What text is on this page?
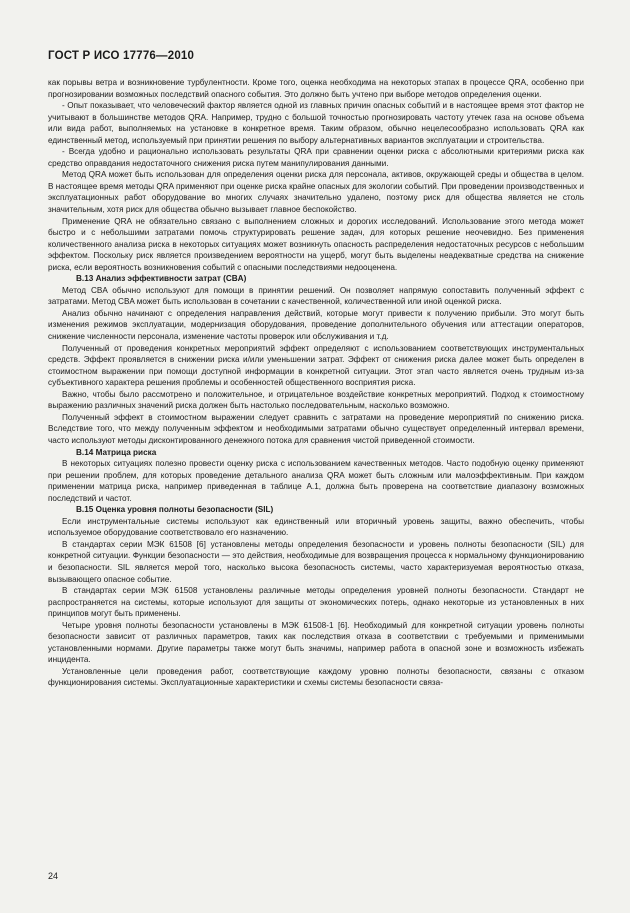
ГОСТ Р ИСО 17776—2010

как порывы ветра и возникновение турбулентности. Кроме того, оценка необходима на некоторых этапах в процессе QRA, особенно при прогнозировании возможных последствий опасного события. Это должно быть учтено при выборе методов определения оценки.

- Опыт показывает, что человеческий фактор является одной из главных причин опасных событий и в настоящее время этот фактор не учитывают в большинстве методов QRA. Например, трудно с большой точностью прогнозировать частоту утечек газа на основе объема или вида работ, выполняемых на установке в конкретное время. Таким образом, обычно нецелесообразно использовать QRA как единственный метод, используемый при принятии решения по выбору альтернативных вариантов эксплуатации и строительства.

- Всегда удобно и рационально использовать результаты QRA при сравнении оценки риска с абсолютными критериями риска как средство оправдания недостаточного снижения риска путем манипулирования данными.

Метод QRA может быть использован для определения оценки риска для персонала, активов, окружающей среды и общества в целом. В настоящее время методы QRA применяют при оценке риска крайне опасных для экологии событий. При проведении производственных и эксплуатационных работ оборудование во многих случаях значительно удалено, поэтому риск для общества является не столь значительным, хотя риск для общества обычно вызывает главное беспокойство.

Применение QRA не обязательно связано с выполнением сложных и дорогих исследований. Использование этого метода может быстро и с небольшими затратами помочь структурировать решение задач, для которых решение неочевидно. Без применения количественного анализа риска в некоторых ситуациях может возникнуть опасность распределения недостаточных ресурсов с небольшим эффектом. Поскольку риск является произведением вероятности на ущерб, могут быть выделены неадекватные средства на снижение риска, если вероятность возникновения событий с опасными последствиями недооценена.

В.13 Анализ эффективности затрат (CBA)

Метод CBA обычно используют для помощи в принятии решений. Он позволяет напрямую сопоставить полученный эффект с затратами. Метод CBA может быть использован в сочетании с качественной, количественной или иной оценкой риска.

Анализ обычно начинают с определения направления действий, которые могут привести к получению прибыли. Это могут быть изменения режимов эксплуатации, модернизация оборудования, проведение дополнительного обучения или аттестации операторов, снижение численности персонала, изменение частоты проверок или обслуживания и т.д.

Полученный от проведения конкретных мероприятий эффект определяют с использованием соответствующих инструментальных средств. Эффект проявляется в снижении риска и/или уменьшении затрат. Эффект от снижения риска далее может быть определен в стоимостном выражении при помощи доступной информации в конкретной ситуации. Этот этап часто является очень трудным из-за субъективного характера решения проблемы и особенностей общественного восприятия риска.

Важно, чтобы было рассмотрено и положительное, и отрицательное воздействие конкретных мероприятий. Подход к стоимостному выражению различных значений риска должен быть настолько последовательным, насколько возможно.

Полученный эффект в стоимостном выражении следует сравнить с затратами на проведение мероприятий по снижению риска. Вследствие того, что между полученным эффектом и необходимыми затратами обычно существует определенный интервал времени, часто используют методы дисконтированного денежного потока для сравнения чистой приведенной стоимости.

В.14 Матрица риска

В некоторых ситуациях полезно провести оценку риска с использованием качественных методов. Часто подобную оценку применяют при решении проблем, для которых проведение детального анализа QRA может быть сложным или малоэффективным. При каждом применении матрица риска, например приведенная в таблице А.1, должна быть проверена на соответствие диапазону возможных последствий и частот.

В.15 Оценка уровня полноты безопасности (SIL)

Если инструментальные системы используют как единственный или вторичный уровень защиты, важно обеспечить, чтобы используемое оборудование соответствовало его назначению.

В стандартах серии МЭК 61508 [6] установлены методы определения безопасности и уровень полноты безопасности (SIL) для конкретной ситуации. Функции безопасности — это действия, необходимые для возвращения процесса к нормальному функционированию и безопасности. SIL является мерой того, насколько высока безопасность системы, часто характеризуемая вероятностью отказа, вызывающего опасное событие.

В стандартах серии МЭК 61508 установлены различные методы определения уровней полноты безопасности. Стандарт не распространяется на системы, которые используют для защиты от экономических потерь, однако некоторые из установленных в них принципов могут быть применены.

Четыре уровня полноты безопасности установлены в МЭК 61508-1 [6]. Необходимый для конкретной ситуации уровень полноты безопасности зависит от различных параметров, таких как последствия отказа в соответствии с требуемыми и применимыми установленными нормами. Другие параметры также могут быть значимы, например работа в опасной зоне и возможность избежать инцидента.

Установленные цели проведения работ, соответствующие каждому уровню полноты безопасности, связаны с отказом функционирования системы. Эксплуатационные характеристики и схемы системы безопасности связа-

24
